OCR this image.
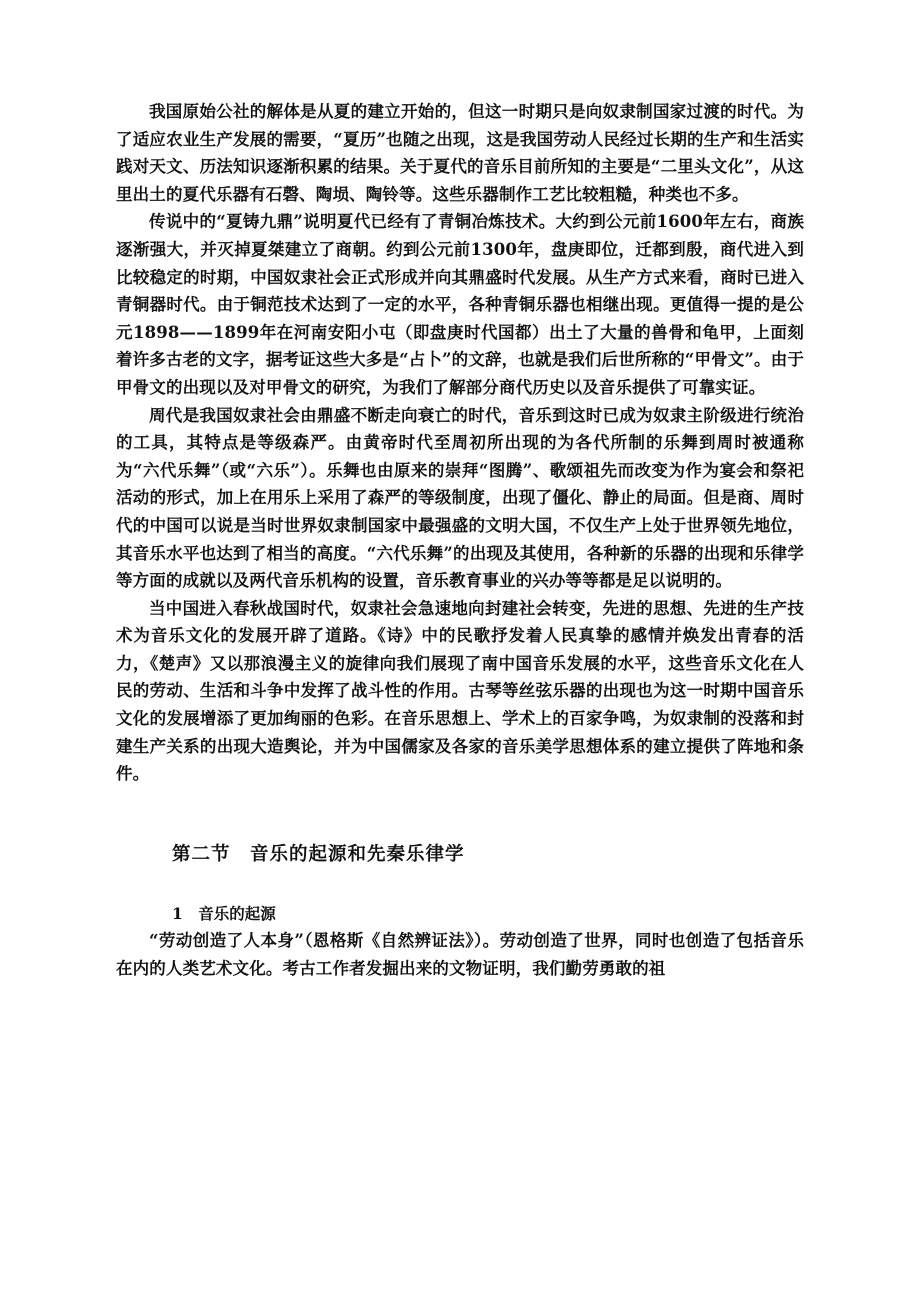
我国原始公社的解体是从夏的建立开始的，但这一时期只是向奴隶制国家过渡的时代。为了适应农业生产发展的需要，“夏历”也随之出现，这是我国劳动人民经过长期的生产和生活实践对天文、历法知识逐渐积累的结果。关于夏代的音乐目前所知的主要是“二里头文化”，从这里出土的夏代乐器有石磬、陶埙、陶铃等。这些乐器制作工艺比较粗糙，种类也不多。

传说中的“夏铸九鼎”说明夏代已经有了青铜冶炼技术。大约到公元前1600年左右，商族逐渐强大，并灭掉夏桀建立了商朝。约到公元前1300年，盘庚即位，迁都到殷，商代进入到比较稳定的时期，中国奴隶社会正式形成并向其鼎盛时代发展。从生产方式来看，商时已进入青铜器时代。由于铜范技术达到了一定的水平，各种青铜乐器也相继出现。更值得一提的是公元1898——1899年在河南安阳小屯（即盘庚时代国都）出土了大量的兽骨和龟甲，上面刻着许多古老的文字，据考证这些大多是“占卜”的文辞，也就是我们后世所称的“甲骨文”。由于甲骨文的出现以及对甲骨文的研究，为我们了解部分商代历史以及音乐提供了可靠实证。

周代是我国奴隶社会由鼎盛不断走向衰亡的时代，音乐到这时已成为奴隶主阶级进行统治的工具，其特点是等级森严。由黄帝时代至周初所出现的为各代所制的乐舞到周时被通称为“六代乐舞”（或“六乐”）。乐舞也由原来的崇拜“图腾”、歌颂祖先而改变为作为宴会和祭祀活动的形式，加上在用乐上采用了森严的等级制度，出现了僵化、静止的局面。但是商、周时代的中国可以说是当时世界奴隶制国家中最强盛的文明大国，不仅生产上处于世界领先地位，其音乐水平也达到了相当的高度。“六代乐舞”的出现及其使用，各种新的乐器的出现和乐律学等方面的成就以及两代音乐机构的设置，音乐教育事业的兴办等等都是足以说明的。

当中国进入春秋战国时代，奴隶社会急速地向封建社会转变，先进的思想、先进的生产技术为音乐文化的发展开辟了道路。《诗》中的民歌抒发着人民真挚的感情并焕发出青春的活力，《楚声》又以那浪漫主义的旋律向我们展现了南中国音乐发展的水平，这些音乐文化在人民的劳动、生活和斗争中发挥了战斗性的作用。古琴等丝弦乐器的出现也为这一时期中国音乐文化的发展增添了更加绚丽的色彩。在音乐思想上、学术上的百家争鸣，为奴隶制的没落和封建生产关系的出现大造舆论，并为中国儒家及各家的音乐美学思想体系的建立提供了阵地和条件。

第二节　音乐的起源和先秦乐律学
1　音乐的起源

“劳动创造了人本身”（恩格斯《自然辨证法》）。劳动创造了世界，同时也创造了包括音乐在内的人类艺术文化。考古工作者发掘出来的文物证明，我们勤劳勇敢的祖
